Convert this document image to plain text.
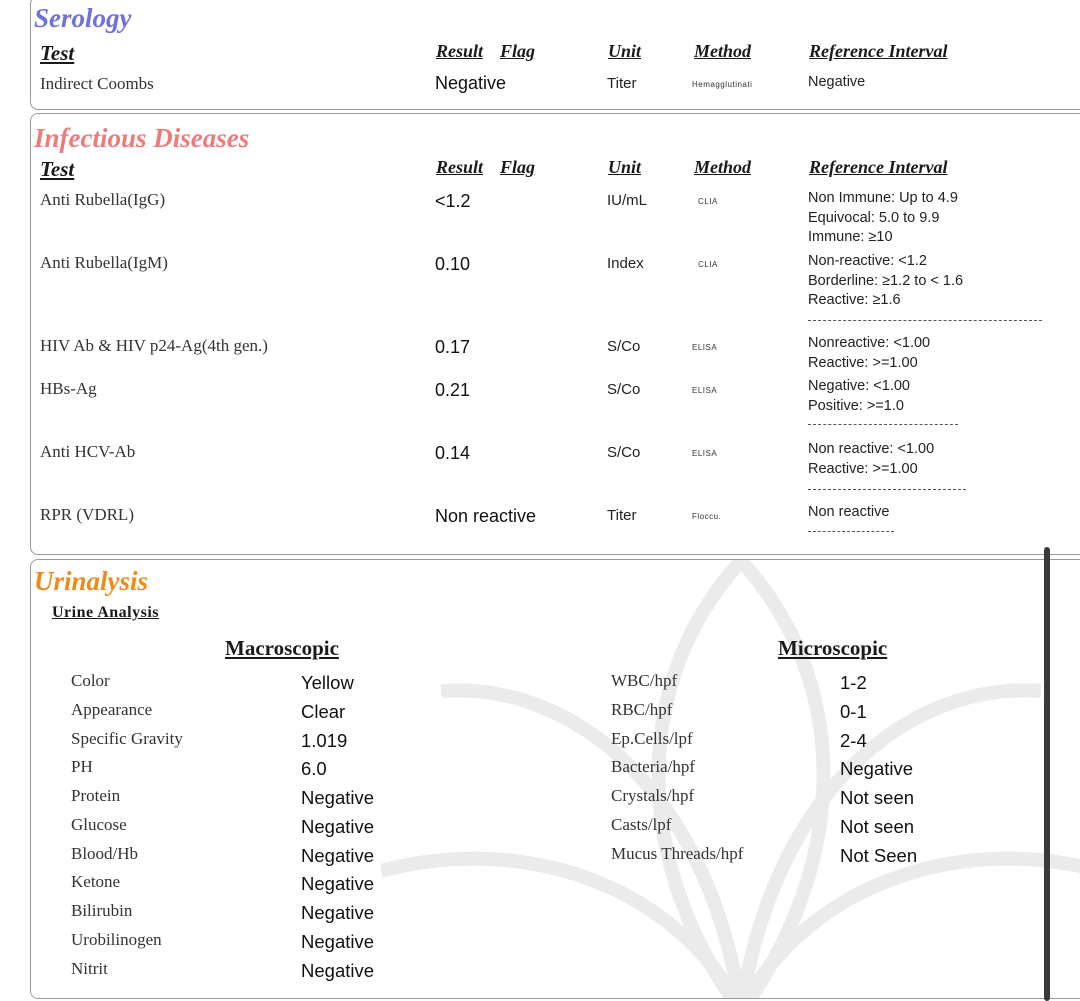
Serology
Test	Result Flag	Unit	Method	Reference Interval
Indirect Coombs	Negative	Titer	Hemagglutinati	Negative
Infectious Diseases
Test	Result Flag	Unit	Method	Reference Interval
Anti Rubella(IgG)	<1.2	IU/mL	CLIA	Non Immune: Up to 4.9
Equivocal: 5.0 to 9.9
Immune: ≥10
Anti Rubella(IgM)	0.10	Index	CLIA	Non-reactive: <1.2
Borderline: ≥1.2 to < 1.6
Reactive: ≥1.6
HIV Ab & HIV p24-Ag(4th gen.)	0.17	S/Co	ELISA	Nonreactive: <1.00
Reactive: >=1.00
HBs-Ag	0.21	S/Co	ELISA	Negative: <1.00
Positive: >=1.0
Anti HCV-Ab	0.14	S/Co	ELISA	Non reactive: <1.00
Reactive: >=1.00
RPR (VDRL)	Non reactive	Titer	Floccu.	Non reactive
Urinalysis
Urine Analysis
Macroscopic	Microscopic
Color	Yellow
Appearance	Clear
Specific Gravity	1.019
PH	6.0
Protein	Negative
Glucose	Negative
Blood/Hb	Negative
Ketone	Negative
Bilirubin	Negative
Urobilinogen	Negative
Nitrit	Negative
WBC/hpf	1-2
RBC/hpf	0-1
Ep.Cells/lpf	2-4
Bacteria/hpf	Negative
Crystals/hpf	Not seen
Casts/lpf	Not seen
Mucus Threads/hpf	Not Seen
